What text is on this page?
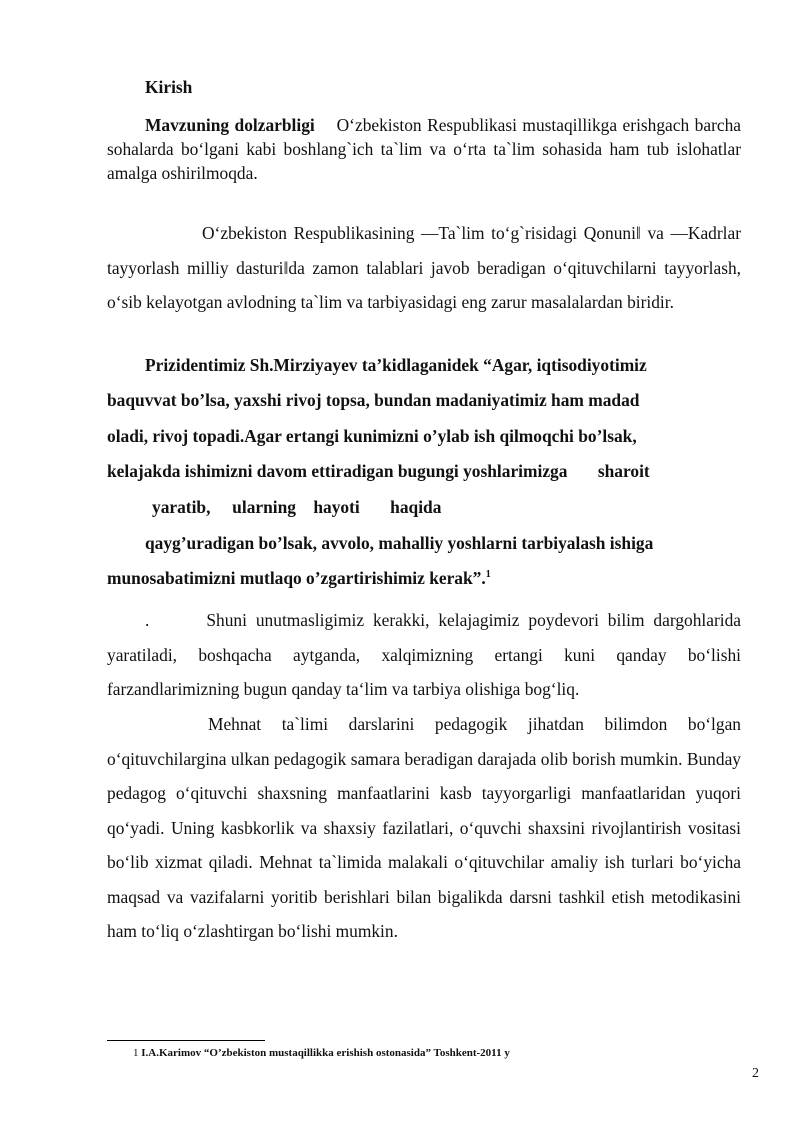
Kirish

Mavzuning dolzarbligi O‘zbekiston Respublikasi mustaqillikga erishgach barcha sohalarda bo‘lgani kabi boshlang`ich ta`lim va o‘rta ta`lim sohasida ham tub islohatlar amalga oshirilmoqda.

O‘zbekiston Respublikasining ―Ta`lim to‘g`risidagi Qonuni‖ va ―Kadrlar tayyorlash milliy dasturi‖da zamon talablari javob beradigan o‘qituvchilarni tayyorlash, o‘sib kelayotgan avlodning ta`lim va tarbiyasidagi eng zarur masalalardan biridir.

Prizidentimiz Sh.Mirziyayev ta’kidlaganidek “Agar, iqtisodiyotimiz
baquvvat bo’lsa, yaxshi rivoj topsa, bundan madaniyatimiz ham madad
oladi, rivoj topadi.Agar ertangi kunimizni o’ylab ish qilmoqchi bo’lsak,
kelajakda ishimizni davom ettiradigan bugungi yoshlarimizga       sharoit
yaratib,     ularning    hayoti       haqida
qayg’uradigan bo’lsak, avvolo, mahalliy yoshlarni tarbiyalash ishiga
munosabatimizni mutlaqo o’zgartirishimiz kerak”.$^1$

.	Shuni unutmasligimiz kerakki, kelajagimiz poydevori bilim dargohlarida yaratiladi, boshqacha aytganda, xalqimizning ertangi kuni qanday bo‘lishi farzandlarimizning bugun qanday ta‘lim va tarbiya olishiga bog‘liq.

Mehnat ta`limi darslarini pedagogik jihatdan bilimdon bo‘lgan o‘qituvchilargina ulkan pedagogik samara beradigan darajada olib borish mumkin. Bunday pedagog o‘qituvchi shaxsning manfaatlarini kasb tayyorgarligi manfaatlaridan yuqori qo‘yadi. Uning kasbkorlik va shaxsiy fazilatlari, o‘quvchi shaxsini rivojlantirish vositasi bo‘lib xizmat qiladi. Mehnat ta`limida malakali o‘qituvchilar amaliy ish turlari bo‘yicha maqsad va vazifalarni yoritib berishlari bilan bigalikda darsni tashkil etish metodikasini ham to‘liq o‘zlashtirgan bo‘lishi mumkin.

1 I.A.Karimov “O’zbekiston mustaqillikka erishish ostonasida” Toshkent-2011 y
2
